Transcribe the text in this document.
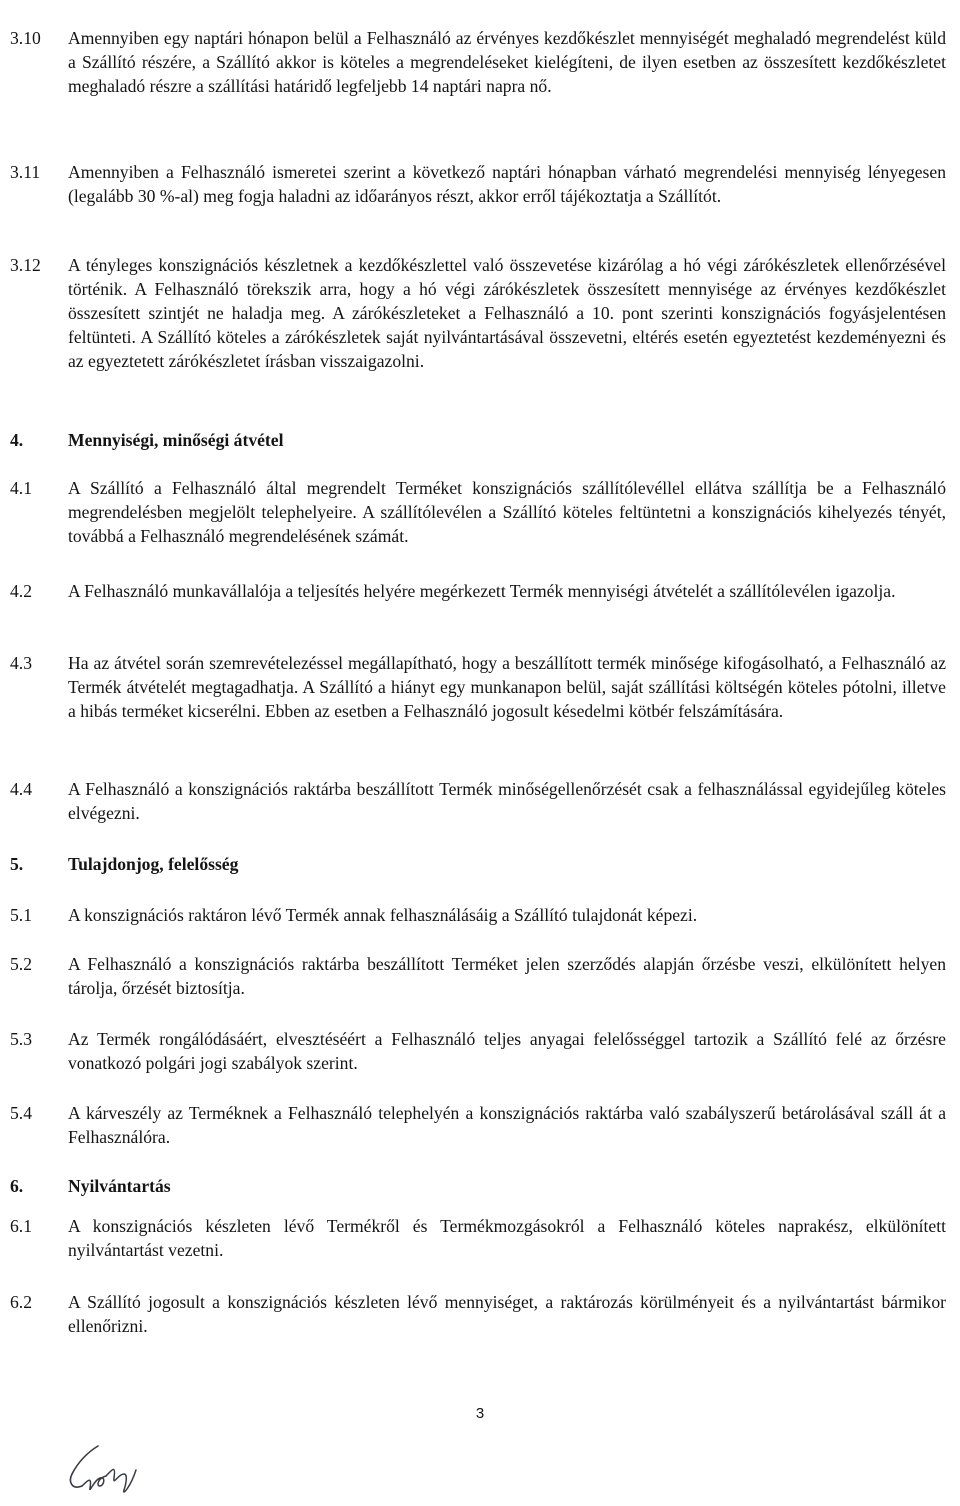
3.10	Amennyiben egy naptári hónapon belül a Felhasználó az érvényes kezdőkészlet mennyiségét meghaladó megrendelést küld a Szállító részére, a Szállító akkor is köteles a megrendeléseket kielégíteni, de ilyen esetben az összesített kezdőkészletet meghaladó részre a szállítási határidő legfeljebb 14 naptári napra nő.
3.11	Amennyiben a Felhasználó ismeretei szerint a következő naptári hónapban várható megrendelési mennyiség lényegesen (legalább 30 %-al) meg fogja haladni az időarányos részt, akkor erről tájékoztatja a Szállítót.
3.12	A tényleges konszignációs készletnek a kezdőkészlettel való összevetése kizárólag a hó végi zárókészletek ellenőrzésével történik. A Felhasználó törekszik arra, hogy a hó végi zárókészletek összesített mennyisége az érvényes kezdőkészlet összesített szintjét ne haladja meg. A zárókészleteket a Felhasználó a 10. pont szerinti konszignációs fogyásjelentésen feltünteti. A Szállító köteles a zárókészletek saját nyilvántartásával összevetni, eltérés esetén egyeztetést kezdeményezni és az egyeztetett zárókészletet írásban visszaigazolni.
4.	Mennyiségi, minőségi átvétel
4.1	A Szállító a Felhasználó által megrendelt Terméket konszignációs szállítólevéllel ellátva szállítja be a Felhasználó megrendelésben megjelölt telephelyeire. A szállítólevélen a Szállító köteles feltüntetni a konszignációs kihelyezés tényét, továbbá a Felhasználó megrendelésének számát.
4.2	A Felhasználó munkavállalója a teljesítés helyére megérkezett Termék mennyiségi átvételét a szállítólevélen igazolja.
4.3	Ha az átvétel során szemrevételezéssel megállapítható, hogy a beszállított termék minősége kifogásolható, a Felhasználó az Termék átvételét megtagadhatja. A Szállító a hiányt egy munkanapon belül, saját szállítási költségén köteles pótolni, illetve a hibás terméket kicserélni. Ebben az esetben a Felhasználó jogosult késedelmi kötbér felszámítására.
4.4	A Felhasználó a konszignációs raktárba beszállított Termék minőségellenőrzését csak a felhasználással egyidejűleg köteles elvégezni.
5.	Tulajdonjog, felelősség
5.1	A konszignációs raktáron lévő Termék annak felhasználásáig a Szállító tulajdonát képezi.
5.2	A Felhasználó a konszignációs raktárba beszállított Terméket jelen szerződés alapján őrzésbe veszi, elkülönített helyen tárolja, őrzését biztosítja.
5.3	Az Termék rongálódásáért, elvesztéséért a Felhasználó teljes anyagai felelősséggel tartozik a Szállító felé az őrzésre vonatkozó polgári jogi szabályok szerint.
5.4	A kárveszély az Terméknek a Felhasználó telephelyén a konszignációs raktárba való szabályszerű betárolásával száll át a Felhasználóra.
6.	Nyilvántartás
6.1	A konszignációs készleten lévő Termékről és Termékmozgásokról a Felhasználó köteles naprakész, elkülönített nyilvántartást vezetni.
6.2	A Szállító jogosult a konszignációs készleten lévő mennyiséget, a raktározás körülményeit és a nyilvántartást bármikor ellenőrizni.
3
